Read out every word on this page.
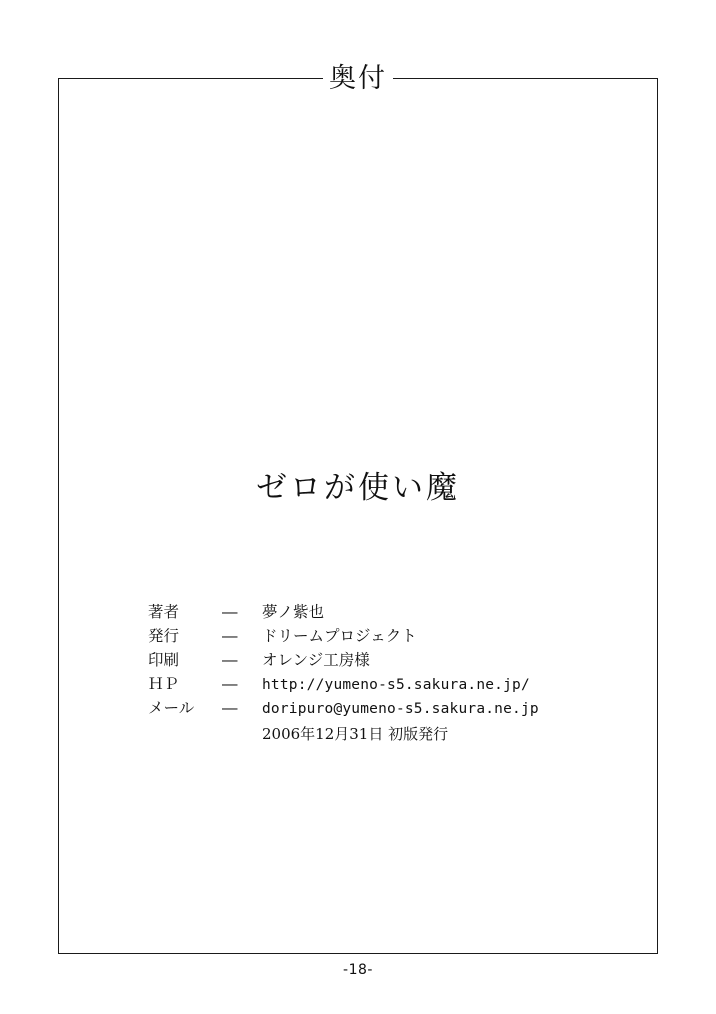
奥付
ゼロが使い魔
著者	―	夢ノ紫也
発行	―	ドリームプロジェクト
印刷	―	オレンジ工房様
ＨＰ	―	http://yumeno-s5.sakura.ne.jp/
メール	―	doripuro@yumeno-s5.sakura.ne.jp
2006年12月31日 初版発行
-18-
